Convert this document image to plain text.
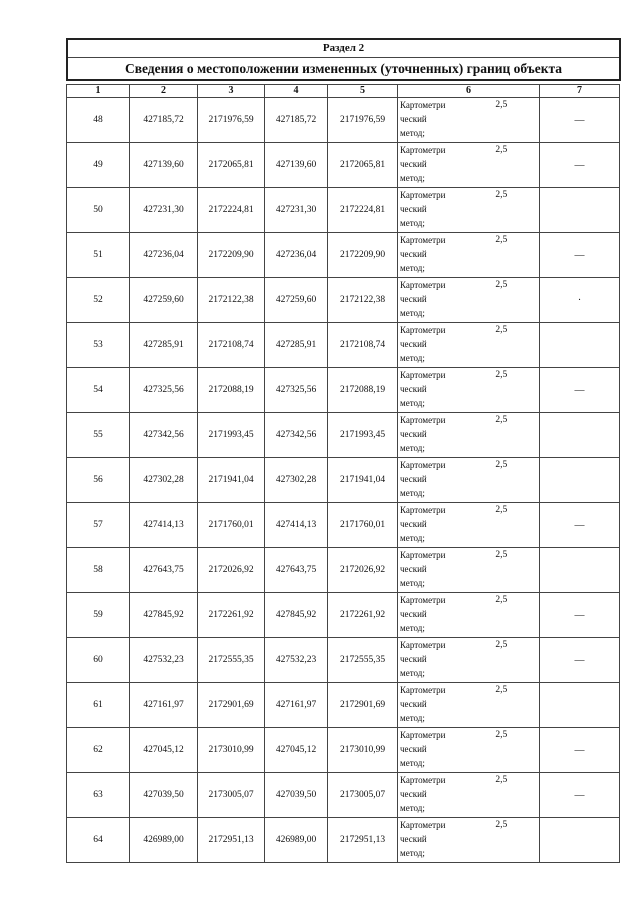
Раздел 2
Сведения о местоположении измененных (уточненных) границ объекта
1	2	3	4	5	6		7
48	427185,72	2171976,59	427185,72	2171976,59	Картометри
ческий
метод;	2,5	—
49	427139,60	2172065,81	427139,60	2172065,81	Картометри
ческий
метод;	2,5	—
50	427231,30	2172224,81	427231,30	2172224,81	Картометри
ческий
метод;	2,5	
51	427236,04	2172209,90	427236,04	2172209,90	Картометри
ческий
метод;	2,5	—
52	427259,60	2172122,38	427259,60	2172122,38	Картометри
ческий
метод;	2,5	·
53	427285,91	2172108,74	427285,91	2172108,74	Картометри
ческий
метод;	2,5	
54	427325,56	2172088,19	427325,56	2172088,19	Картометри
ческий
метод;	2,5	—
55	427342,56	2171993,45	427342,56	2171993,45	Картометри
ческий
метод;	2,5	
56	427302,28	2171941,04	427302,28	2171941,04	Картометри
ческий
метод;	2,5	
57	427414,13	2171760,01	427414,13	2171760,01	Картометри
ческий
метод;	2,5	—
58	427643,75	2172026,92	427643,75	2172026,92	Картометри
ческий
метод;	2,5	
59	427845,92	2172261,92	427845,92	2172261,92	Картометри
ческий
метод;	2,5	—
60	427532,23	2172555,35	427532,23	2172555,35	Картометри
ческий
метод;	2,5	—
61	427161,97	2172901,69	427161,97	2172901,69	Картометри
ческий
метод;	2,5	
62	427045,12	2173010,99	427045,12	2173010,99	Картометри
ческий
метод;	2,5	—
63	427039,50	2173005,07	427039,50	2173005,07	Картометри
ческий
метод;	2,5	—
64	426989,00	2172951,13	426989,00	2172951,13	Картометри
ческий
метод;	2,5	
